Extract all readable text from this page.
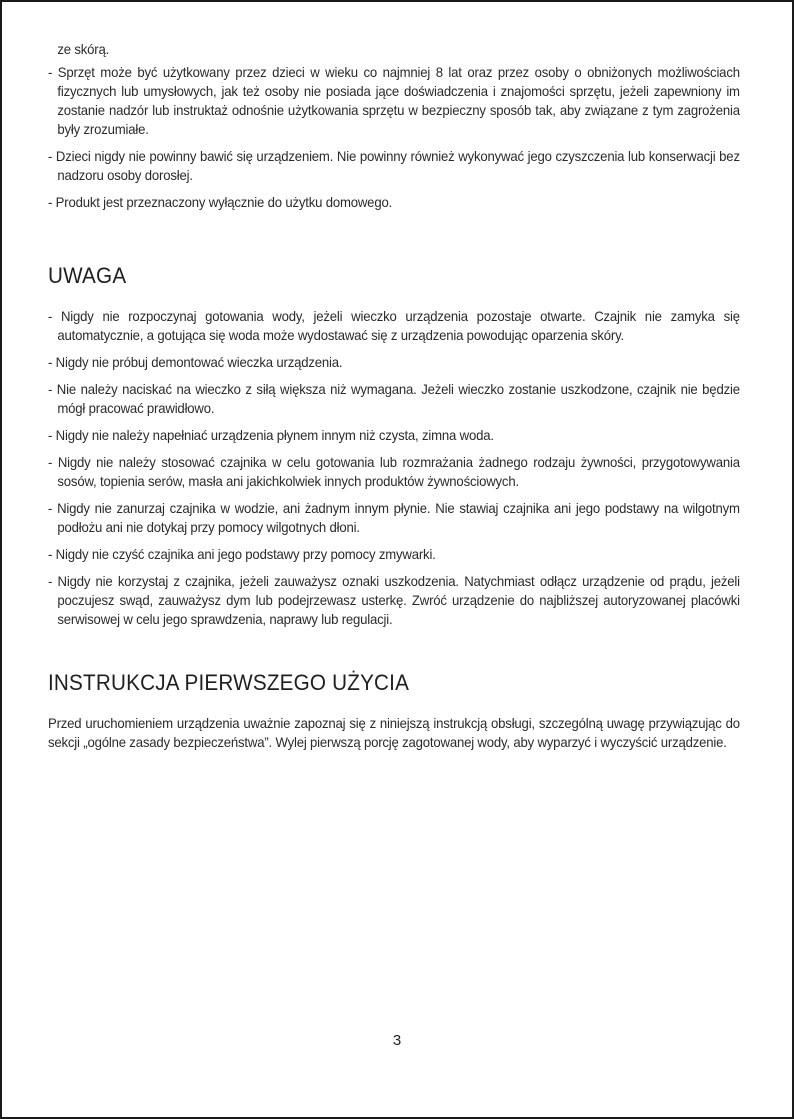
ze skórą.

- Sprzęt może być użytkowany przez dzieci w wieku co najmniej 8 lat oraz przez osoby o obniżonych możliwościach fizycznych lub umysłowych, jak też osoby nie posiada jące doświadczenia i znajomości sprzętu, jeżeli zapewniony im zostanie nadzór lub instruktaż odnośnie użytkowania sprzętu w bezpieczny sposób tak, aby związane z tym zagrożenia były zrozumiałe.

- Dzieci nigdy nie powinny bawić się urządzeniem. Nie powinny również wykonywać jego czyszczenia lub konserwacji bez nadzoru osoby dorosłej.

- Produkt jest przeznaczony wyłącznie do użytku domowego.

UWAGA

- Nigdy nie rozpoczynaj gotowania wody, jeżeli wieczko urządzenia pozostaje otwarte. Czajnik nie zamyka się automatycznie, a gotująca się woda może wydostawać się z urządzenia powodując oparzenia skóry.

- Nigdy nie próbuj demontować wieczka urządzenia.

- Nie należy naciskać na wieczko z siłą większa niż wymagana. Jeżeli wieczko zostanie uszkodzone, czajnik nie będzie mógł pracować prawidłowo.

- Nigdy nie należy napełniać urządzenia płynem innym niż czysta, zimna woda.

- Nigdy nie należy stosować czajnika w celu gotowania lub rozmrażania żadnego rodzaju żywności, przygotowywania sosów, topienia serów, masła ani jakichkolwiek innych produktów żywnościowych.

- Nigdy nie zanurzaj czajnika w wodzie, ani żadnym innym płynie. Nie stawiaj czajnika ani jego podstawy na wilgotnym podłożu ani nie dotykaj przy pomocy wilgotnych dłoni.

- Nigdy nie czyść czajnika ani jego podstawy przy pomocy zmywarki.

- Nigdy nie korzystaj z czajnika, jeżeli zauważysz oznaki uszkodzenia. Natychmiast odłącz urządzenie od prądu, jeżeli poczujesz swąd, zauważysz dym lub podejrzewasz usterkę. Zwróć urządzenie do najbliższej autoryzowanej placówki serwisowej w celu jego sprawdzenia, naprawy lub regulacji.

INSTRUKCJA PIERWSZEGO UŻYCIA

Przed uruchomieniem urządzenia uważnie zapoznaj się z niniejszą instrukcją obsługi, szczególną uwagę przywiązując do sekcji „ogólne zasady bezpieczeństwa”. Wylej pierwszą porcję zagotowanej wody, aby wyparzyć i wyczyścić urządzenie.

3
